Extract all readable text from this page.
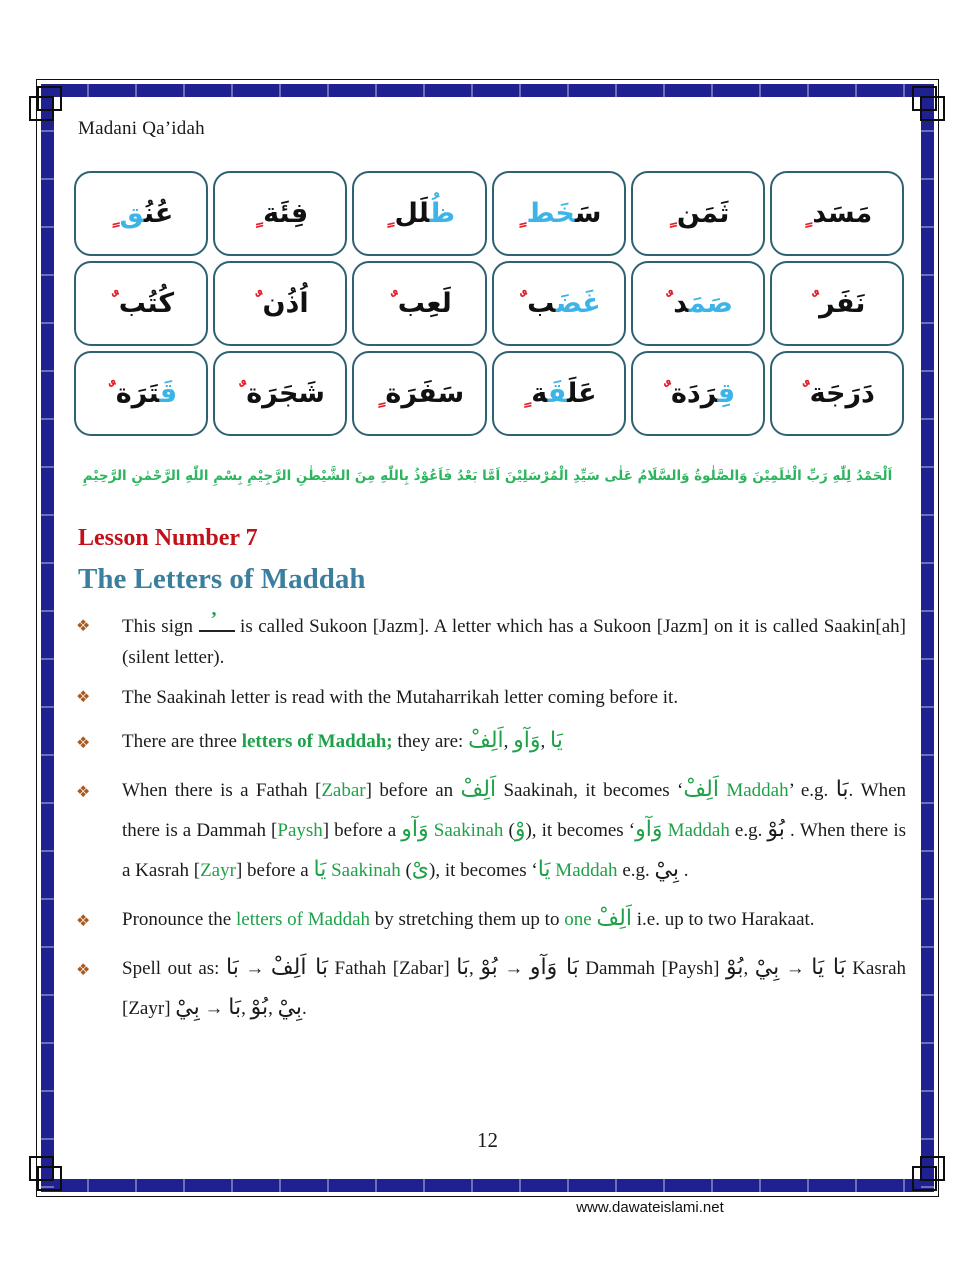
Madani Qa’idah
عُنُق ٍ	فِئَة ٍ	ظُلَل ٍ	سَخَط ٍ	ثَمَن ٍ	مَسَد ٍ
كُتُب ٌ	اُذُن ٌ	لَعِب ٌ	غَضَب ٌ	صَمَد ٌ	نَفَر ٌ
قَتَرَة ٌ	شَجَرَة ٌ	سَفَرَة ٍ	عَلَقَة ٍ	قِرَدَة ٌ	دَرَجَة ٌ
اَلْحَمْدُ لِلّٰهِ رَبِّ الْعٰلَمِيْنَ وَالصَّلٰوةُ وَالسَّلَامُ عَلٰى سَيِّدِ الْمُرْسَلِيْنَ اَمَّا بَعْدُ فَاَعُوْذُ بِاللّٰهِ مِنَ الشَّيْطٰنِ الرَّجِيْمِ بِسْمِ اللّٰهِ الرَّحْمٰنِ الرَّحِيْمِ
Lesson Number 7
The Letters of Maddah
❖ This sign ’ is called Sukoon [Jazm]. A letter which has a Sukoon [Jazm] on it is called Saakin[ah] (silent letter).
❖ The Saakinah letter is read with the Mutaharrikah letter coming before it.
❖ There are three letters of Maddah; they are: اَلِفْ, وَآو, يَا
❖ When there is a Fathah [Zabar] before an اَلِفْ Saakinah, it becomes ‘اَلِفْ Maddah’ e.g. بَا. When there is a Dammah [Paysh] before a وَآو Saakinah (وْ), it becomes ‘وَآو Maddah e.g. بُوْ . When there is a Kasrah [Zayr] before a يَا Saakinah (ىْ), it becomes ‘يَا Maddah e.g. بِيْ .
❖ Pronounce the letters of Maddah by stretching them up to one اَلِفْ i.e. up to two Harakaat.
❖ Spell out as: بَا → بَا اَلِفْ Fathah [Zabar] بَا, بُوْ → بَا وَآو Dammah [Paysh] بُوْ, بِيْ → بَا يَا Kasrah [Zayr] بِيْ → بَا, بُوْ, بِيْ.
12
www.dawateislami.net
